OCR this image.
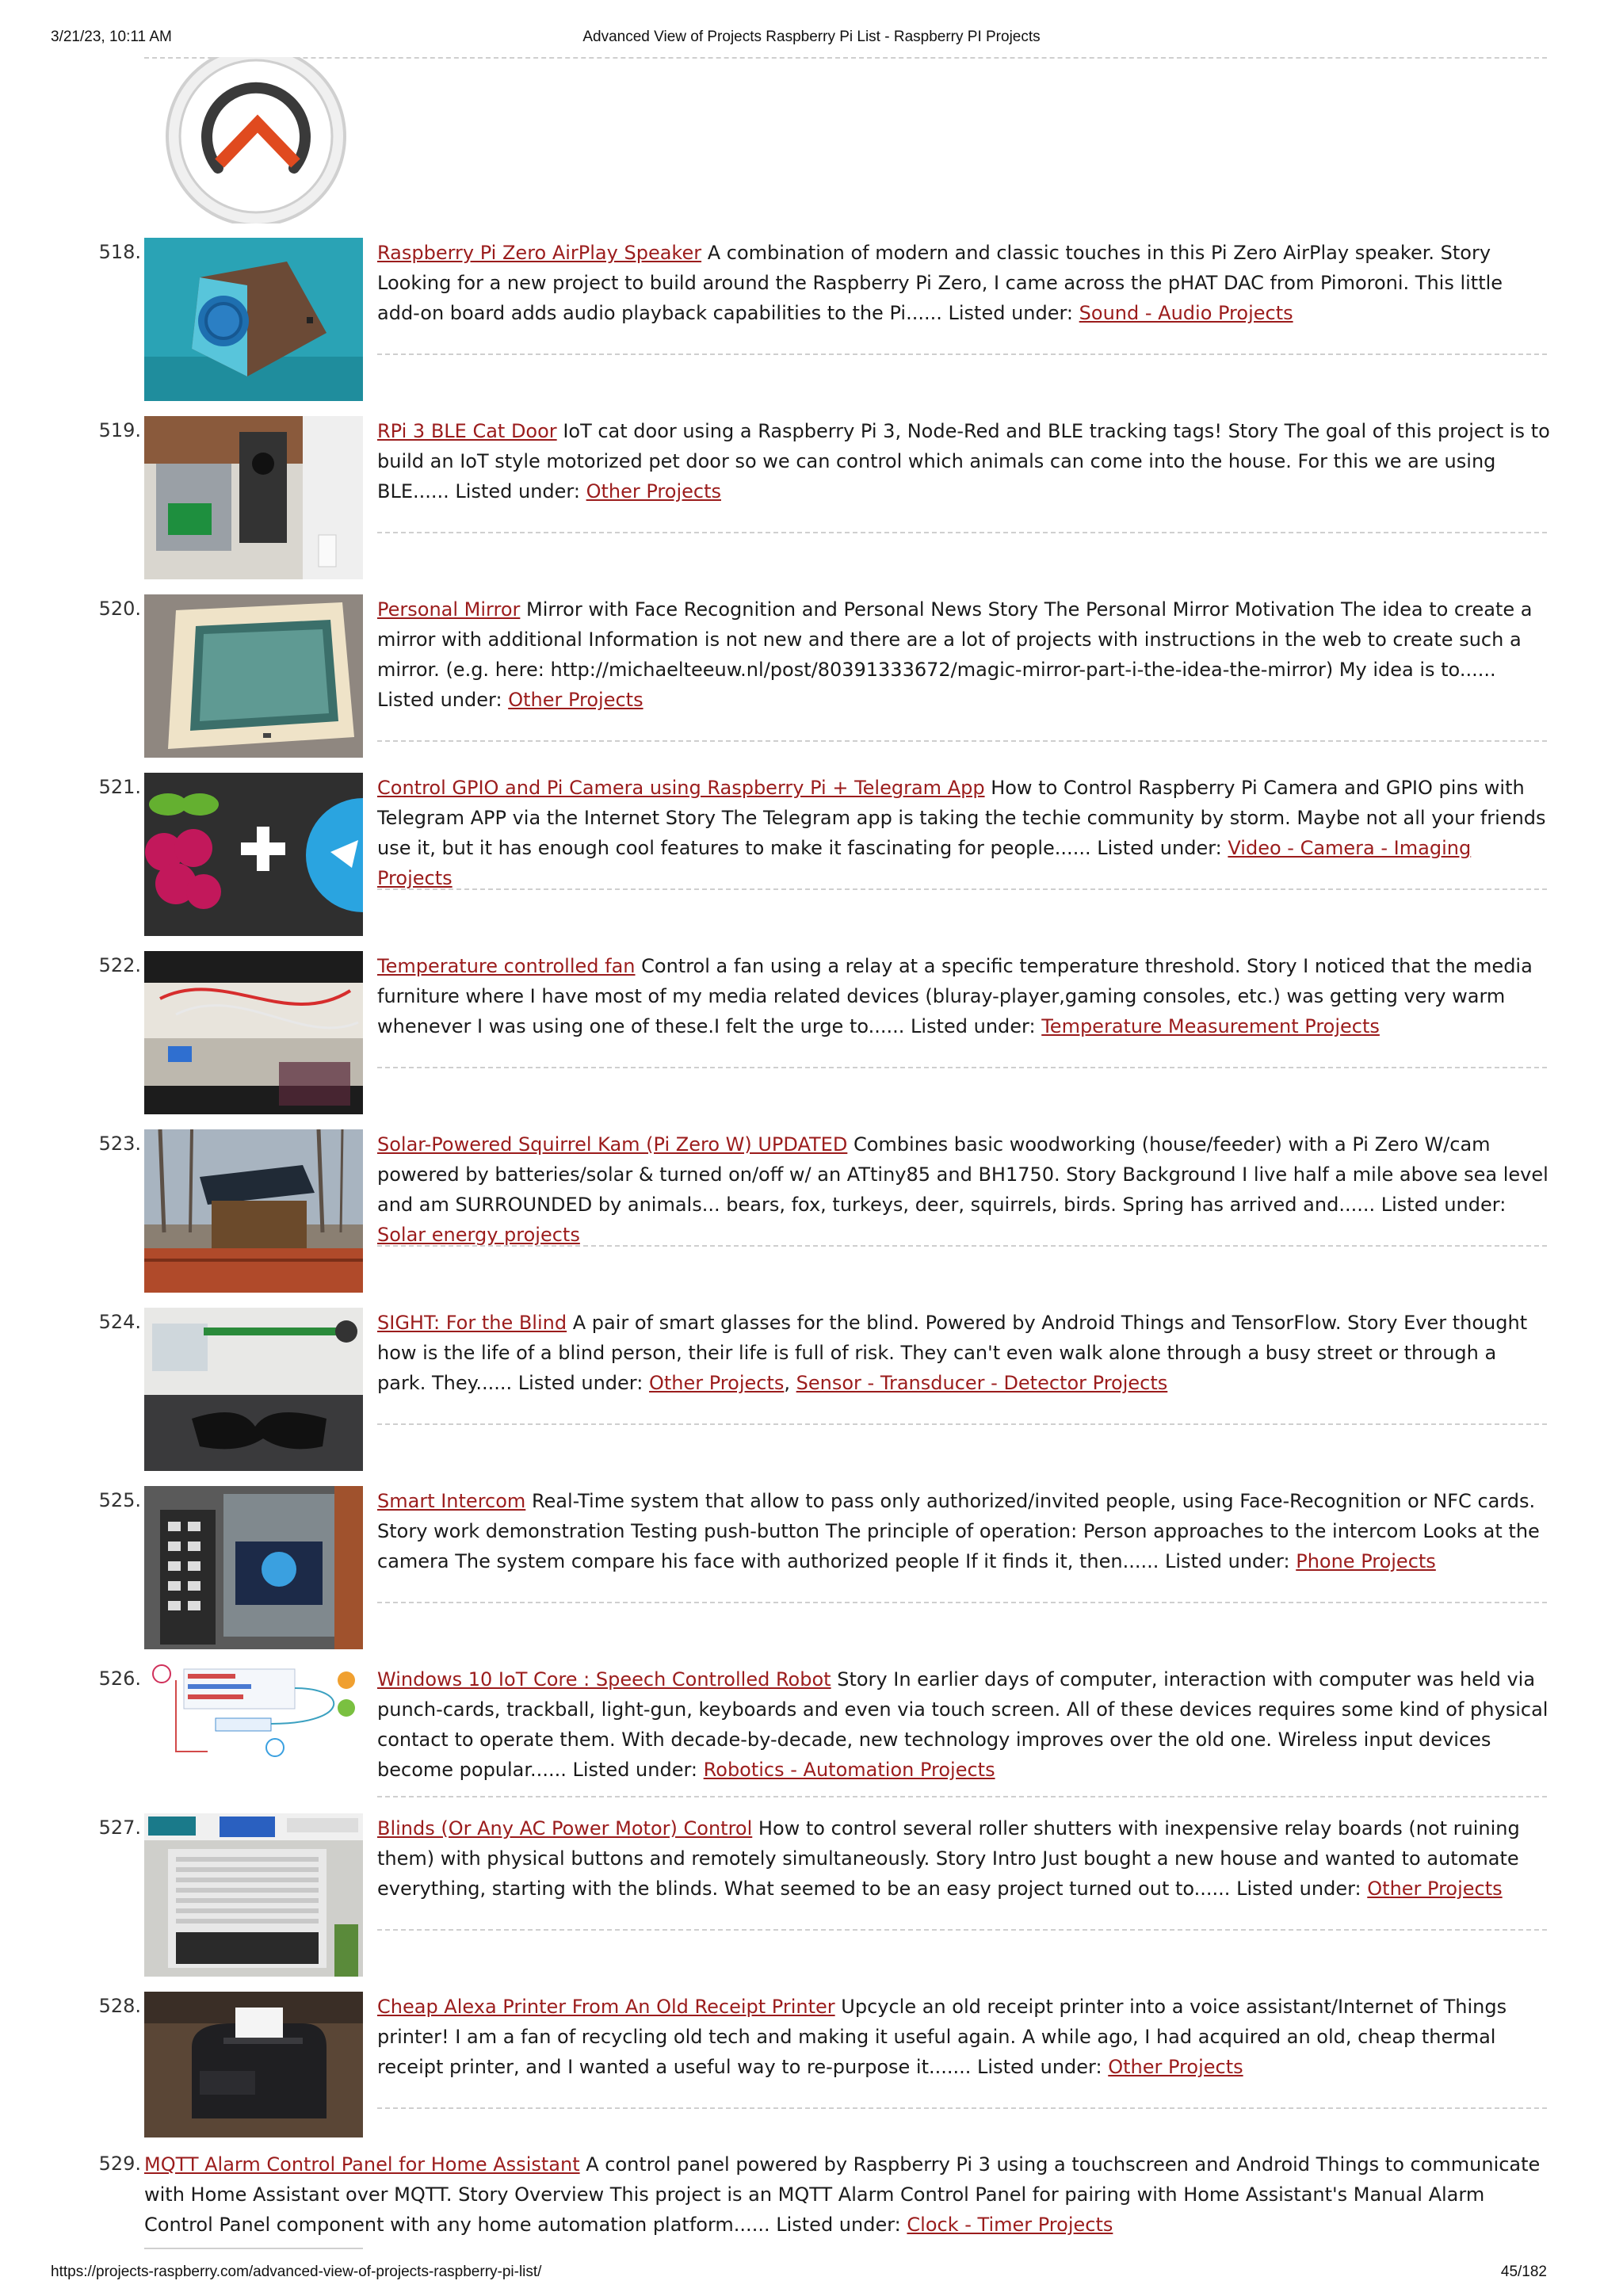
3/21/23, 10:11 AM	Advanced View of Projects Raspberry Pi List - Raspberry PI Projects
518.	Raspberry Pi Zero AirPlay Speaker A combination of modern and classic touches in this Pi Zero AirPlay speaker. Story Looking for a new project to build around the Raspberry Pi Zero, I came across the pHAT DAC from Pimoroni. This little add-on board adds audio playback capabilities to the Pi...... Listed under: Sound - Audio Projects
519.	RPi 3 BLE Cat Door IoT cat door using a Raspberry Pi 3, Node-Red and BLE tracking tags! Story The goal of this project is to build an IoT style motorized pet door so we can control which animals can come into the house. For this we are using BLE...... Listed under: Other Projects
520.	Personal Mirror Mirror with Face Recognition and Personal News Story The Personal Mirror Motivation The idea to create a mirror with additional Information is not new and there are a lot of projects with instructions in the web to create such a mirror. (e.g. here: http://michaelteeuw.nl/post/80391333672/magic-mirror-part-i-the-idea-the-mirror) My idea is to...... Listed under: Other Projects
521.	Control GPIO and Pi Camera using Raspberry Pi + Telegram App How to Control Raspberry Pi Camera and GPIO pins with Telegram APP via the Internet Story The Telegram app is taking the techie community by storm. Maybe not all your friends use it, but it has enough cool features to make it fascinating for people...... Listed under: Video - Camera - Imaging Projects
522.	Temperature controlled fan Control a fan using a relay at a specific temperature threshold. Story I noticed that the media furniture where I have most of my media related devices (bluray-player,gaming consoles, etc.) was getting very warm whenever I was using one of these.I felt the urge to...... Listed under: Temperature Measurement Projects
523.	Solar-Powered Squirrel Kam (Pi Zero W) UPDATED Combines basic woodworking (house/feeder) with a Pi Zero W/cam powered by batteries/solar & turned on/off w/ an ATtiny85 and BH1750. Story Background I live half a mile above sea level and am SURROUNDED by animals... bears, fox, turkeys, deer, squirrels, birds. Spring has arrived and...... Listed under: Solar energy projects
524.	SIGHT: For the Blind A pair of smart glasses for the blind. Powered by Android Things and TensorFlow. Story Ever thought how is the life of a blind person, their life is full of risk. They can't even walk alone through a busy street or through a park. They...... Listed under: Other Projects, Sensor - Transducer - Detector Projects
525.	Smart Intercom Real-Time system that allow to pass only authorized/invited people, using Face-Recognition or NFC cards. Story work demonstration Testing push-button The principle of operation: Person approaches to the intercom Looks at the camera The system compare his face with authorized people If it finds it, then...... Listed under: Phone Projects
526.	Windows 10 IoT Core : Speech Controlled Robot Story In earlier days of computer, interaction with computer was held via punch-cards, trackball, light-gun, keyboards and even via touch screen. All of these devices requires some kind of physical contact to operate them. With decade-by-decade, new technology improves over the old one. Wireless input devices become popular...... Listed under: Robotics - Automation Projects
527.	Blinds (Or Any AC Power Motor) Control How to control several roller shutters with inexpensive relay boards (not ruining them) with physical buttons and remotely simultaneously. Story Intro Just bought a new house and wanted to automate everything, starting with the blinds. What seemed to be an easy project turned out to...... Listed under: Other Projects
528.	Cheap Alexa Printer From An Old Receipt Printer Upcycle an old receipt printer into a voice assistant/Internet of Things printer! I am a fan of recycling old tech and making it useful again. A while ago, I had acquired an old, cheap thermal receipt printer, and I wanted a useful way to re-purpose it....... Listed under: Other Projects
529. MQTT Alarm Control Panel for Home Assistant A control panel powered by Raspberry Pi 3 using a touchscreen and Android Things to communicate with Home Assistant over MQTT. Story Overview This project is an MQTT Alarm Control Panel for pairing with Home Assistant's Manual Alarm Control Panel component with any home automation platform...... Listed under: Clock - Timer Projects
https://projects-raspberry.com/advanced-view-of-projects-raspberry-pi-list/	45/182
